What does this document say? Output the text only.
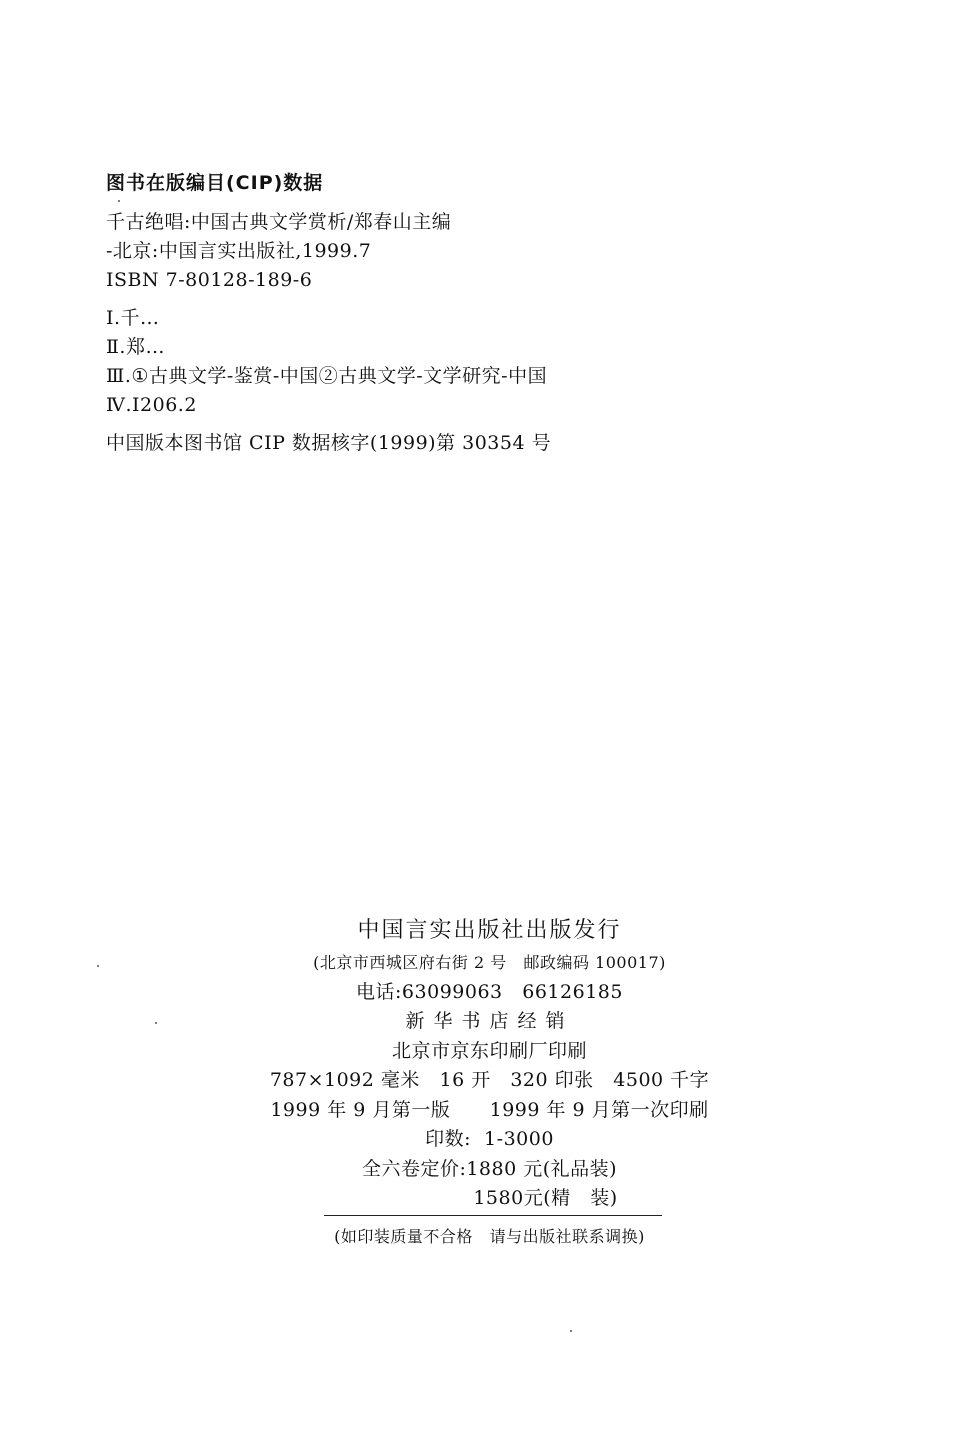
图书在版编目(CIP)数据
千古绝唱:中国古典文学赏析/郑春山主编
-北京:中国言实出版社,1999.7
ISBN 7-80128-189-6
Ⅰ.千…
Ⅱ.郑…
Ⅲ.①古典文学-鉴赏-中国②古典文学-文学研究-中国
Ⅳ.I206.2
中国版本图书馆 CIP 数据核字(1999)第 30354 号
中国言实出版社出版发行
(北京市西城区府右街 2 号   邮政编码 100017)
电话:63099063   66126185
新华书店经销
北京市京东印刷厂印刷
787×1092 毫米   16 开   320 印张   4500 千字
1999 年 9 月第一版      1999 年 9 月第一次印刷
印数:  1-3000
全六卷定价:1880 元(礼品装)
1580元(精   装)
(如印装质量不合格   请与出版社联系调换)
